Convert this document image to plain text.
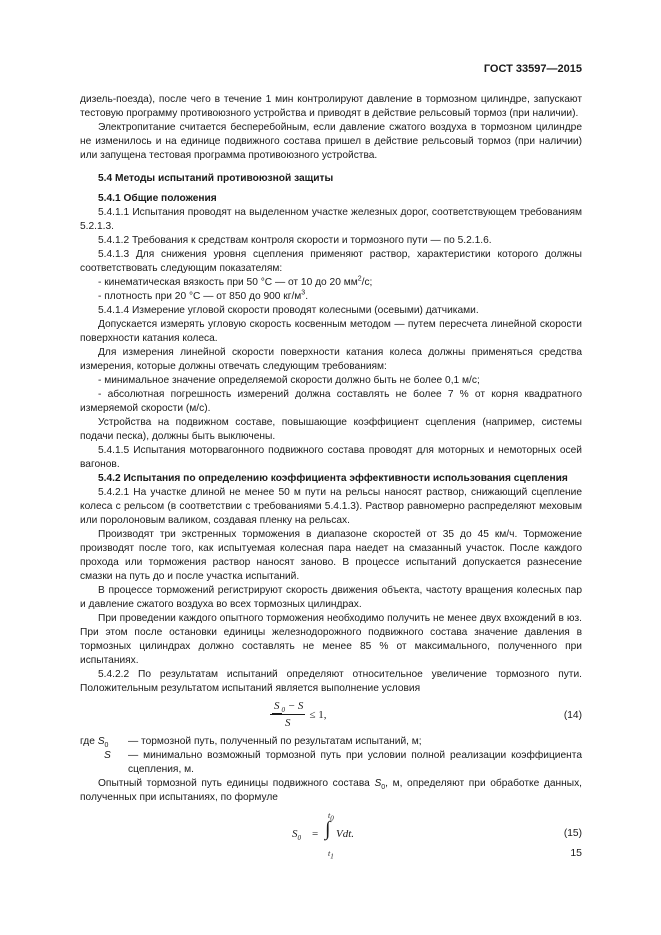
ГОСТ 33597—2015

дизель-поезда), после чего в течение 1 мин контролируют давление в тормозном цилиндре, запускают тестовую программу противоюзного устройства и приводят в действие рельсовый тормоз (при наличии).

Электропитание считается бесперебойным, если давление сжатого воздуха в тормозном цилиндре не изменилось и на единице подвижного состава пришел в действие рельсовый тормоз (при наличии) или запущена тестовая программа противоюзного устройства.

5.4 Методы испытаний противоюзной защиты

5.4.1 Общие положения

5.4.1.1 Испытания проводят на выделенном участке железных дорог, соответствующем требованиям 5.2.1.3.

5.4.1.2 Требования к средствам контроля скорости и тормозного пути — по 5.2.1.6.

5.4.1.3 Для снижения уровня сцепления применяют раствор, характеристики которого должны соответствовать следующим показателям:

- кинематическая вязкость при 50 °С — от 10 до 20 $мм^2/с$;

- плотность при 20 °С — от 850 до 900 $кг/м^3$.

5.4.1.4 Измерение угловой скорости проводят колесными (осевыми) датчиками.

Допускается измерять угловую скорость косвенным методом — путем пересчета линейной скорости поверхности катания колеса.

Для измерения линейной скорости поверхности катания колеса должны применяться средства измерения, которые должны отвечать следующим требованиям:

- минимальное значение определяемой скорости должно быть не более 0,1 м/с;

- абсолютная погрешность измерений должна составлять не более 7 % от корня квадратного измеряемой скорости (м/с).

Устройства на подвижном составе, повышающие коэффициент сцепления (например, системы подачи песка), должны быть выключены.

5.4.1.5 Испытания моторвагонного подвижного состава проводят для моторных и немоторных осей вагонов.

5.4.2 Испытания по определению коэффициента эффективности использования сцепления

5.4.2.1 На участке длиной не менее 50 м пути на рельсы наносят раствор, снижающий сцепление колеса с рельсом (в соответствии с требованиями 5.4.1.3). Раствор равномерно распределяют меховым или поролоновым валиком, создавая пленку на рельсах.

Производят три экстренных торможения в диапазоне скоростей от 35 до 45 км/ч. Торможение производят после того, как испытуемая колесная пара наедет на смазанный участок. После каждого прохода или торможения раствор наносят заново. В процессе испытаний допускается разнесение смазки на путь до и после участка испытаний.

В процессе торможений регистрируют скорость движения объекта, частоту вращения колесных пар и давление сжатого воздуха во всех тормозных цилиндрах.

При проведении каждого опытного торможения необходимо получить не менее двух вхождений в юз. При этом после остановки единицы железнодорожного подвижного состава значение давления в тормозных цилиндрах должно составлять не менее 85 % от максимального, полученного при испытаниях.

5.4.2.2 По результатам испытаний определяют относительное увеличение тормозного пути. Положительным результатом испытаний является выполнение условия

$\frac{S _0 - S}{S} \le 1$,	(14)

где $S_0$ — тормозной путь, полученный по результатам испытаний, м;

S — минимально возможный тормозной путь при условии полной реализации коэффициента сцепления, м.

Опытный тормозной путь единицы подвижного состава $S_0$, м, определяют при обработке данных, полученных при испытаниях, по формуле

$S_0$ = ∫
$t_0$
$t_1$
Vdt.	(15)
15
